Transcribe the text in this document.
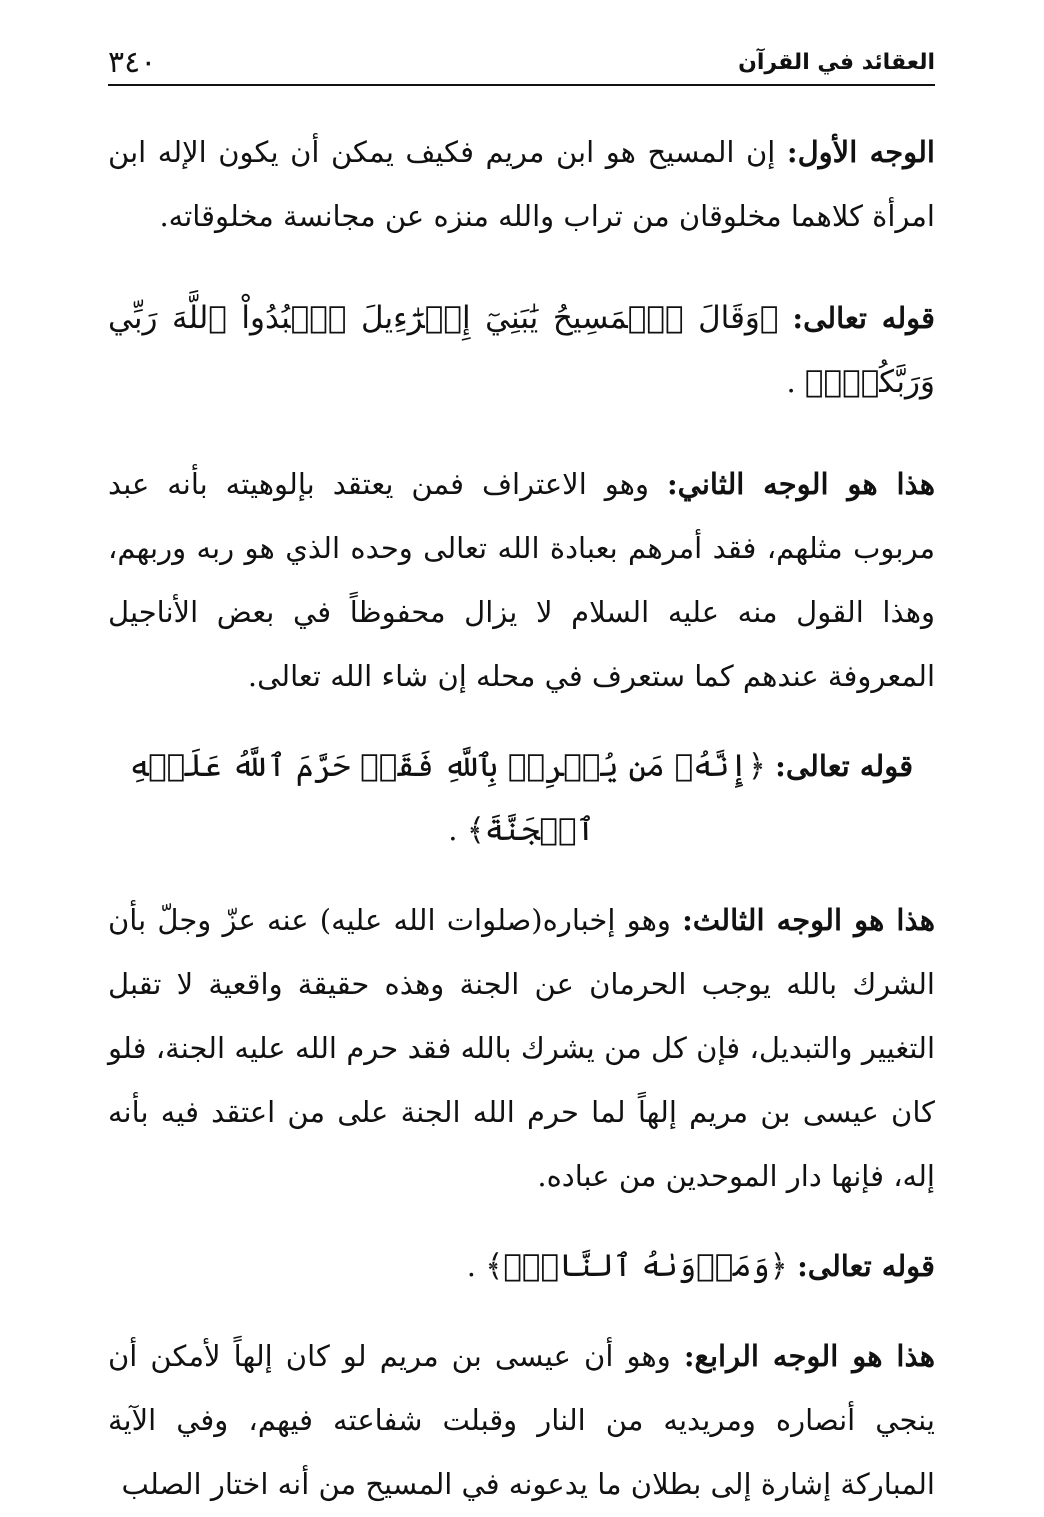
٣٤٠	العقائد في القرآن

الوجه الأول: إن المسيح هو ابن مريم فكيف يمكن أن يكون الإله ابن امرأة كلاهما مخلوقان من تراب والله منزه عن مجانسة مخلوقاته.

قوله تعالى: ﴿وَقَالَ ٱلۡمَسِيحُ يَٰبَنِيٓ إِسۡرَٰٓءِيلَ ٱعۡبُدُواْ ٱللَّهَ رَبِّي وَرَبَّكُمۡۖ﴾ .

هذا هو الوجه الثاني: وهو الاعتراف فمن يعتقد بإلوهيته بأنه عبد مربوب مثلهم، فقد أمرهم بعبادة الله تعالى وحده الذي هو ربه وربهم، وهذا القول منه عليه السلام لا يزال محفوظاً في بعض الأناجيل المعروفة عندهم كما ستعرف في محله إن شاء الله تعالى.

قوله تعالى: ﴿إِنَّهُۥ مَن يُشۡرِكۡ بِٱللَّهِ فَقَدۡ حَرَّمَ ٱللَّهُ عَلَيۡهِ ٱلۡجَنَّةَ﴾ .

هذا هو الوجه الثالث: وهو إخباره(صلوات الله عليه) عنه عزّ وجلّ بأن الشرك بالله يوجب الحرمان عن الجنة وهذه حقيقة واقعية لا تقبل التغيير والتبديل، فإن كل من يشرك بالله فقد حرم الله عليه الجنة، فلو كان عيسى بن مريم إلهاً لما حرم الله الجنة على من اعتقد فيه بأنه إله، فإنها دار الموحدين من عباده.

قوله تعالى: ﴿وَمَأۡوَىٰهُ ٱلنَّارُۖ﴾ .

هذا هو الوجه الرابع: وهو أن عيسى بن مريم لو كان إلهاً لأمكن أن ينجي أنصاره ومريديه من النار وقبلت شفاعته فيهم، وفي الآية المباركة إشارة إلى بطلان ما يدعونه في المسيح من أنه اختار الصلب
